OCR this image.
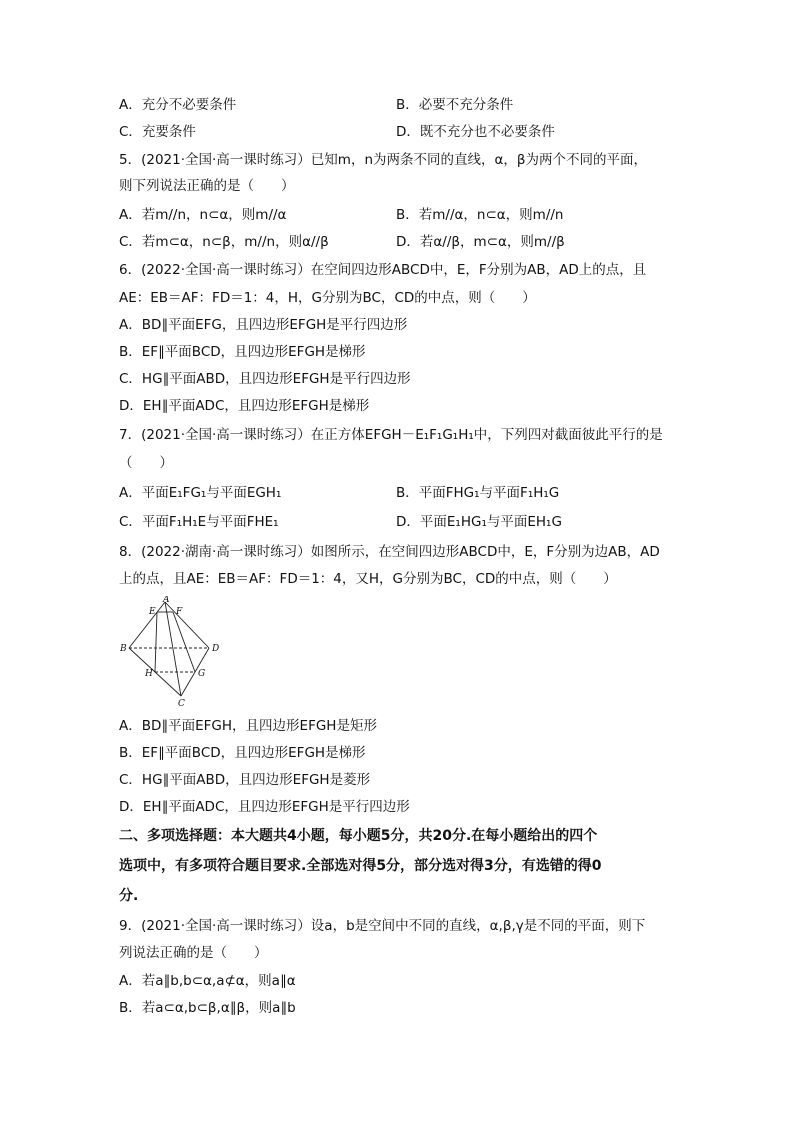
A．充分不必要条件	B．必要不充分条件
C．充要条件	D．既不充分也不必要条件
5．(2021·全国·高一课时练习）已知m，n为两条不同的直线，α，β为两个不同的平面，
则下列说法正确的是（　　）
A．若m//n，n⊂α，则m//α	B．若m//α，n⊂α，则m//n
C．若m⊂α，n⊂β，m//n，则α//β	D．若α//β，m⊂α，则m//β
6．(2022·全国·高一课时练习）在空间四边形ABCD中，E，F分别为AB，AD上的点，且
AE：EB＝AF：FD＝1：4，H，G分别为BC，CD的中点，则（　　）
A．BD∥平面EFG，且四边形EFGH是平行四边形
B．EF∥平面BCD，且四边形EFGH是梯形
C．HG∥平面ABD，且四边形EFGH是平行四边形
D．EH∥平面ADC，且四边形EFGH是梯形
7．(2021·全国·高一课时练习）在正方体EFGH－E₁F₁G₁H₁中，下列四对截面彼此平行的是
（　　）
A．平面E₁FG₁与平面EGH₁	B．平面FHG₁与平面F₁H₁G
C．平面F₁H₁E与平面FHE₁	D．平面E₁HG₁与平面EH₁G
8．(2022·湖南·高一课时练习）如图所示，在空间四边形ABCD中，E，F分别为边AB，AD
上的点，且AE：EB＝AF：FD＝1：4，又H，G分别为BC，CD的中点，则（　　）
A
E F
B	D
H	G
C
A．BD∥平面EFGH，且四边形EFGH是矩形
B．EF∥平面BCD，且四边形EFGH是梯形
C．HG∥平面ABD，且四边形EFGH是菱形
D．EH∥平面ADC，且四边形EFGH是平行四边形
二、多项选择题：本大题共4小题，每小题5分，共20分.在每小题给出的四个
选项中，有多项符合题目要求.全部选对得5分，部分选对得3分，有选错的得0
分.
9．(2021·全国·高一课时练习）设a，b是空间中不同的直线，α,β,γ是不同的平面，则下
列说法正确的是（　　）
A．若a∥b,b⊂α,a⊄α，则a∥α
B．若a⊂α,b⊂β,α∥β，则a∥b
